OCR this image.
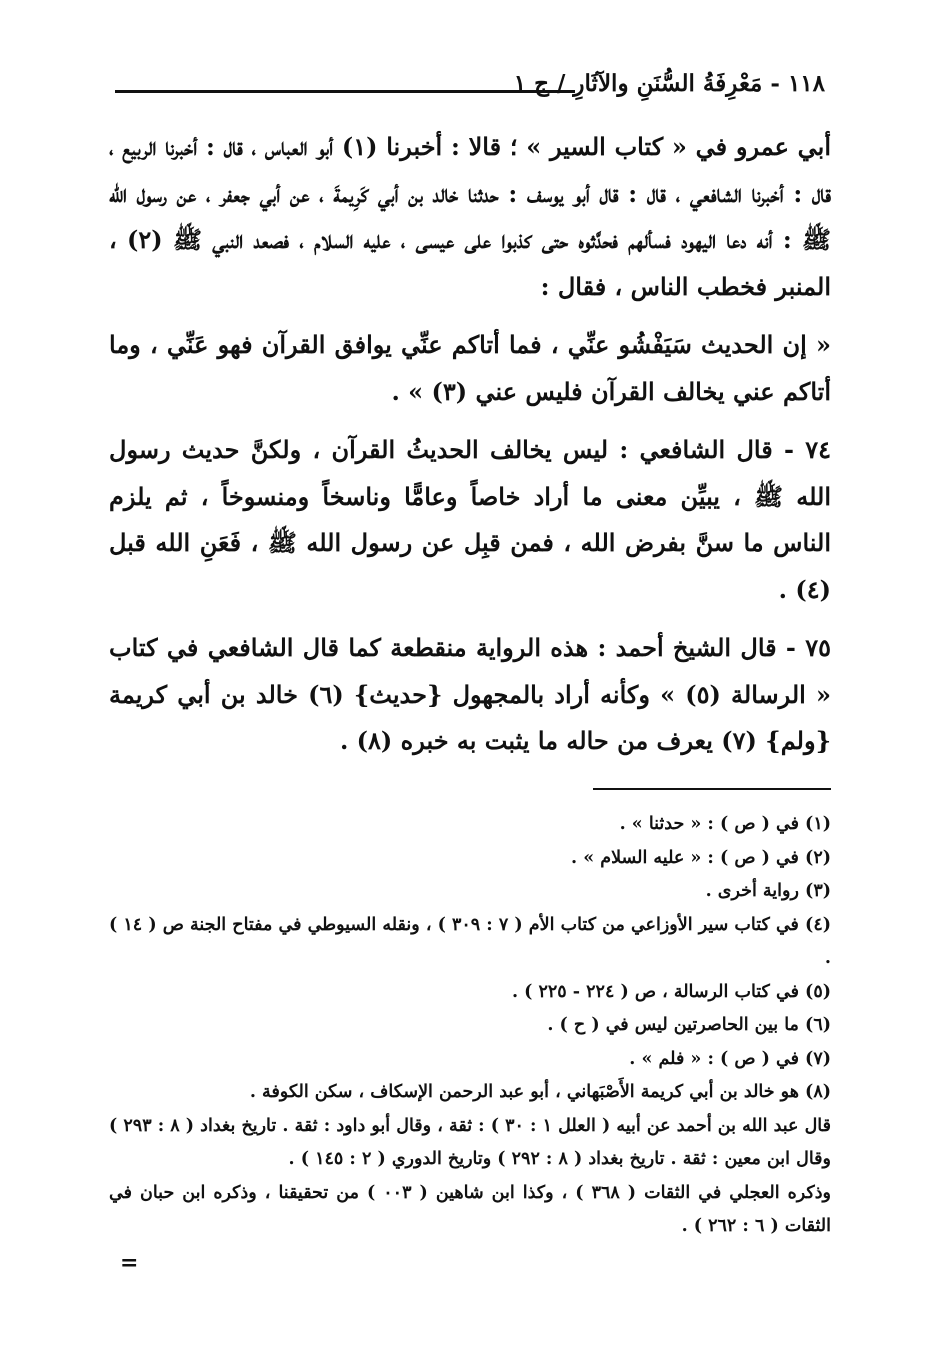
١١٨ - مَعْرِفَةُ السُّنَنِ والآثَارِ / ج ١

أبي عمرو في « كتاب السير » ؛ قالا : أخبرنا (١) أبو العباس ، قال : أخبرنا الربيع ، قال : أخبرنا الشافعي ، قال : قال أبو يوسف : حدثنا خالد بن أبي كَرِيمةَ ، عن أبي جعفر ، عن رسول الله ﷺ : أنه دعا اليهود فسألهم فحدَّثوه حتى كذبوا على عيسى ، عليه السلام ، فصعد النبي ﷺ (٢) ، المنبر فخطب الناس ، فقال :

« إن الحديث سَيَفْشُو عنِّي ، فما أتاكم عنِّي يوافق القرآن فهو عَنِّي ، وما أتاكم عني يخالف القرآن فليس عني (٣) » .

٧٤ - قال الشافعي : ليس يخالف الحديثُ القرآن ، ولكنَّ حديث رسول الله ﷺ ، يبيِّن معنى ما أراد خاصاً وعامًّا وناسخاً ومنسوخاً ، ثم يلزم الناس ما سنَّ بفرض الله ، فمن قبِل عن رسول الله ﷺ ، فَعَنِ الله قبل (٤) .

٧٥ - قال الشيخ أحمد : هذه الرواية منقطعة كما قال الشافعي في كتاب « الرسالة (٥) » وكأنه أراد بالمجهول {حديث} (٦) خالد بن أبي كريمة {ولم} (٧) يعرف من حاله ما يثبت به خبره (٨) .

(١) في ( ص ) : « حدثنا » .
(٢) في ( ص ) : « عليه السلام » .
(٣) رواية أخرى .
(٤) في كتاب سير الأوزاعي من كتاب الأم ( ٧ : ٣٠٩ ) ، ونقله السيوطي في مفتاح الجنة ص ( ١٤ ) .
(٥) في كتاب الرسالة ، ص ( ٢٢٤ - ٢٢٥ ) .
(٦) ما بين الحاصرتين ليس في ( ح ) .
(٧) في ( ص ) : « فلم » .
(٨) هو خالد بن أبي كريمة الأَصْبَهاني ، أبو عبد الرحمن الإسكاف ، سكن الكوفة .
قال عبد الله بن أحمد عن أبيه ( العلل ١ : ٣٠ ) : ثقة ، وقال أبو داود : ثقة . تاريخ بغداد ( ٨ : ٢٩٣ ) وقال ابن معين : ثقة . تاريخ بغداد ( ٨ : ٢٩٢ ) وتاريخ الدوري ( ٢ : ١٤٥ ) .
وذكره العجلي في الثقات ( ٣٦٨ ) ، وكذا ابن شاهين ( ٠٠٣ ) من تحقيقنا ، وذكره ابن حبان في الثقات ( ٦ : ٢٦٢ ) .
=
